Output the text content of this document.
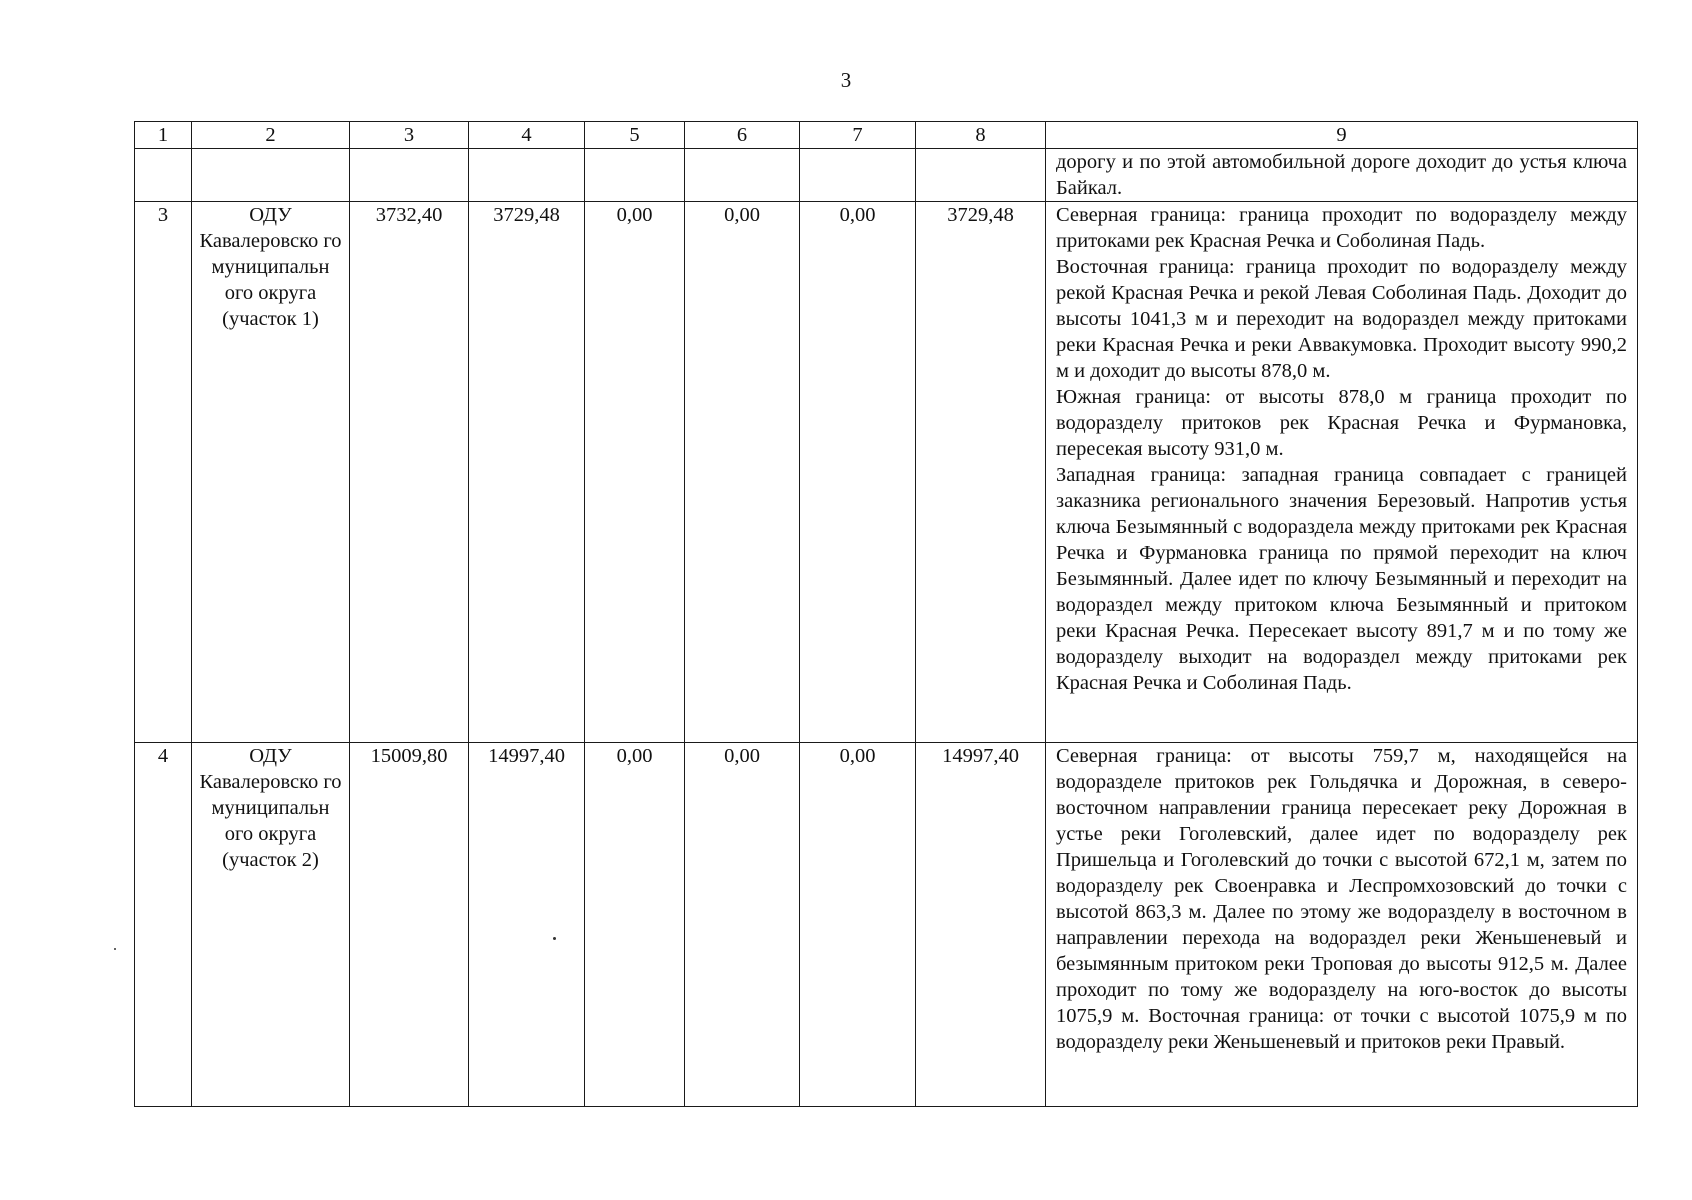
3
1	2	3	4	5	6	7	8	9
								дорогу и по этой автомобильной дороге доходит до устья ключа Байкал.
3	ОДУ Кавалеровско го муниципальн ого округа (участок 1)	3732,40	3729,48	0,00	0,00	0,00	3729,48	Северная граница: граница проходит по водоразделу между притоками рек Красная Речка и Соболиная Падь.
Восточная граница: граница проходит по водоразделу между рекой Красная Речка и рекой Левая Соболиная Падь. Доходит до высоты 1041,3 м и переходит на водораздел между притоками реки Красная Речка и реки Аввакумовка. Проходит высоту 990,2 м и доходит до высоты 878,0 м.
Южная граница: от высоты 878,0 м граница проходит по водоразделу притоков рек Красная Речка и Фурмановка, пересекая высоту 931,0 м.
Западная граница: западная граница совпадает с границей заказника регионального значения Березовый. Напротив устья ключа Безымянный с водораздела между притоками рек Красная Речка и Фурмановка граница по прямой переходит на ключ Безымянный. Далее идет по ключу Безымянный и переходит на водораздел между притоком ключа Безымянный и притоком реки Красная Речка. Пересекает высоту 891,7 м и по тому же водоразделу выходит на водораздел между притоками рек Красная Речка и Соболиная Падь.

4	ОДУ Кавалеровско го муниципальн ого округа (участок 2)	15009,80	14997,40	0,00	0,00	0,00	14997,40	Северная граница: от высоты 759,7 м, находящейся на водоразделе притоков рек Гольдячка и Дорожная, в северо-восточном направлении граница пересекает реку Дорожная в устье реки Гоголевский, далее идет по водоразделу рек Пришельца и Гоголевский до точки с высотой 672,1 м, затем по водоразделу рек Своенравка и Леспромхозовский до точки с высотой 863,3 м. Далее по этому же водоразделу в восточном в направлении перехода на водораздел реки Женьшеневый и безымянным притоком реки Троповая до высоты 912,5 м. Далее проходит по тому же водоразделу на юго-восток до высоты 1075,9 м. Восточная граница: от точки с высотой 1075,9 м по водоразделу реки Женьшеневый и притоков реки Правый.
